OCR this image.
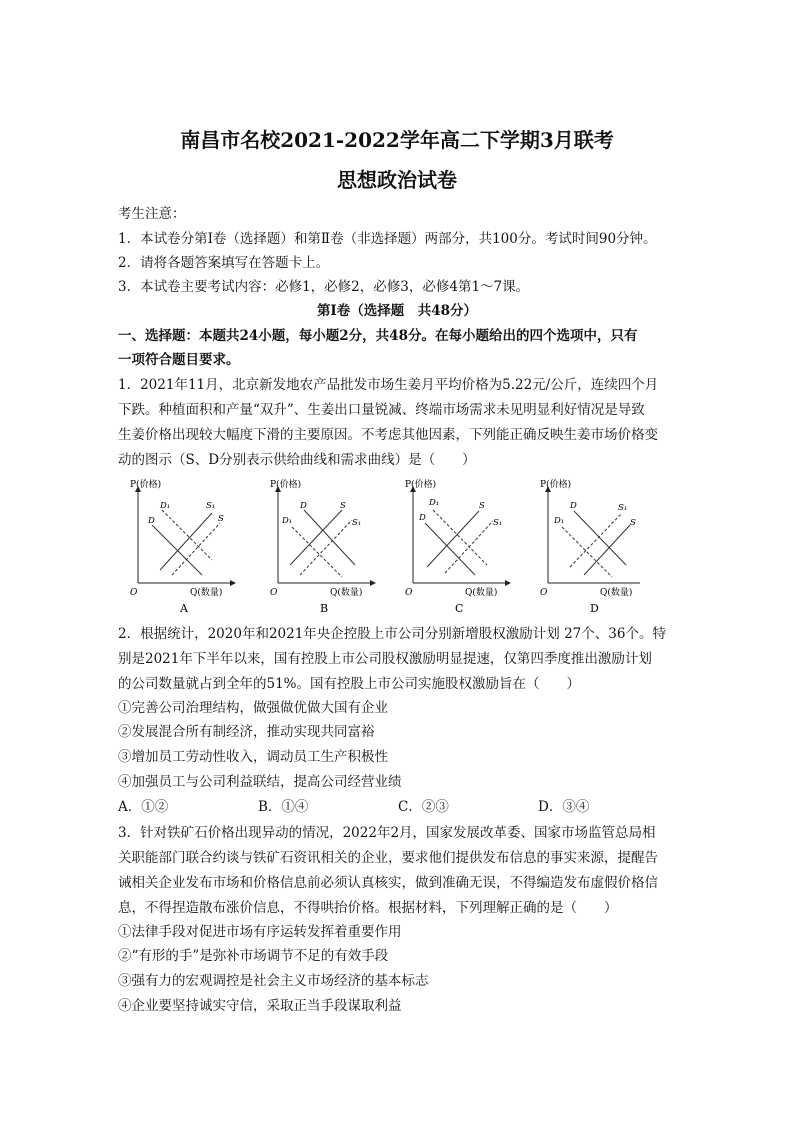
南昌市名校2021-2022学年高二下学期3月联考
思想政治试卷
考生注意：
1．本试卷分第Ⅰ卷（选择题）和第Ⅱ卷（非选择题）两部分，共100分。考试时间90分钟。
2．请将各题答案填写在答题卡上。
3．本试卷主要考试内容：必修1，必修2，必修3，必修4第1～7课。
第Ⅰ卷（选择题　共48分）
一、选择题：本题共24小题，每小题2分，共48分。在每小题给出的四个选项中，只有
一项符合题目要求。
1．2021年11月，北京新发地农产品批发市场生姜月平均价格为5.22元/公斤，连续四个月
下跌。种植面积和产量“双升”、生姜出口量锐减、终端市场需求未见明显利好情况是导致
生姜价格出现较大幅度下滑的主要原因。不考虑其他因素，下列能正确反映生姜市场价格变
动的图示（S、D分别表示供给曲线和需求曲线）是（　　）
P(价格)
O	Q(数量)
D₁
D
S₁
S
A
P(价格)
O	Q(数量)
D
D₁
S
S₁
B
P(价格)
O	Q(数量)
D₁
D
S
S₁
C
P(价格)
O	Q(数量)
D
D₁
S₁
S
D
2．根据统计，2020年和2021年央企控股上市公司分别新增股权激励计划 27个、36个。特
别是2021年下半年以来，国有控股上市公司股权激励明显提速，仅第四季度推出激励计划
的公司数量就占到全年的51%。国有控股上市公司实施股权激励旨在（　　）
①完善公司治理结构，做强做优做大国有企业
②发展混合所有制经济，推动实现共同富裕
③增加员工劳动性收入，调动员工生产积极性
④加强员工与公司利益联结，提高公司经营业绩
A．①②	B．①④	C．②③	D．③④
3．针对铁矿石价格出现异动的情况，2022年2月，国家发展改革委、国家市场监管总局相
关职能部门联合约谈与铁矿石资讯相关的企业，要求他们提供发布信息的事实来源，提醒告
诫相关企业发布市场和价格信息前必须认真核实，做到准确无误，不得编造发布虚假价格信
息，不得捏造散布涨价信息，不得哄抬价格。根据材料，下列理解正确的是（　　）
①法律手段对促进市场有序运转发挥着重要作用
②“有形的手”是弥补市场调节不足的有效手段
③强有力的宏观调控是社会主义市场经济的基本标志
④企业要坚持诚实守信，采取正当手段谋取利益
